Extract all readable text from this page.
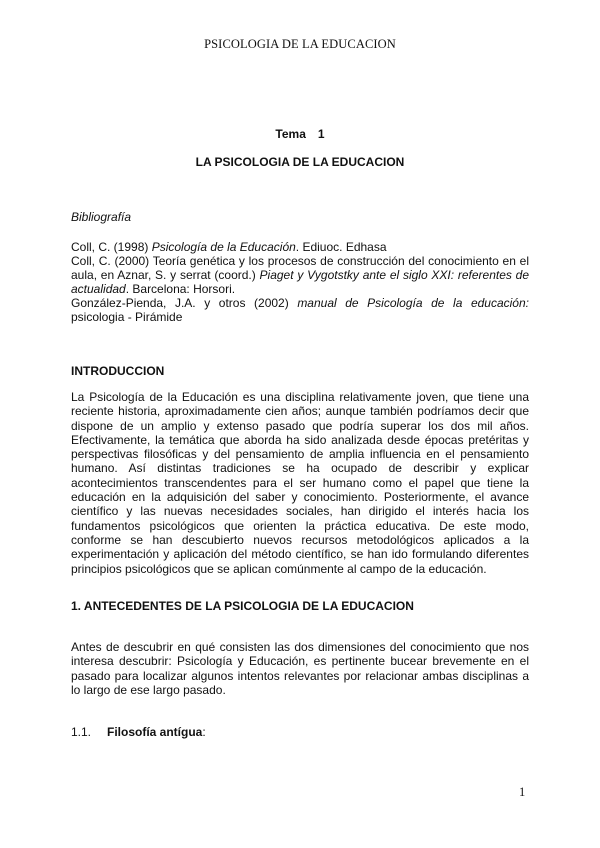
PSICOLOGIA DE LA EDUCACION
Tema 1
LA PSICOLOGIA DE LA EDUCACION
Bibliografía

Coll, C. (1998) Psicología de la Educación. Ediuoc. Edhasa

Coll, C. (2000) Teoría genética y los procesos de construcción del conocimiento en el aula, en Aznar, S. y serrat (coord.) Piaget y Vygotstky ante el siglo XXI: referentes de actualidad. Barcelona: Horsori.

González-Pienda, J.A. y otros (2002) manual de Psicología de la educación: psicologia - Pirámide

INTRODUCCION

La Psicología de la Educación es una disciplina relativamente joven, que tiene una reciente historia, aproximadamente cien años; aunque también podríamos decir que dispone de un amplio y extenso pasado que podría superar los dos mil años. Efectivamente, la temática que aborda ha sido analizada desde épocas pretéritas y perspectivas filosóficas y del pensamiento de amplia influencia en el pensamiento humano. Así distintas tradiciones se ha ocupado de describir y explicar acontecimientos transcendentes para el ser humano como el papel que tiene la educación en la adquisición del saber y conocimiento. Posteriormente, el avance científico y las nuevas necesidades sociales, han dirigido el interés hacia los fundamentos psicológicos que orienten la práctica educativa. De este modo, conforme se han descubierto nuevos recursos metodológicos aplicados a la experimentación y aplicación del método científico, se han ido formulando diferentes principios psicológicos que se aplican comúnmente al campo de la educación.

1. ANTECEDENTES DE LA PSICOLOGIA DE LA EDUCACION

Antes de descubrir en qué consisten las dos dimensiones del conocimiento que nos interesa descubrir: Psicología y Educación, es pertinente bucear brevemente en el pasado para localizar algunos intentos relevantes por relacionar ambas disciplinas a lo largo de ese largo pasado.

1.1. Filosofía antígua:
1
